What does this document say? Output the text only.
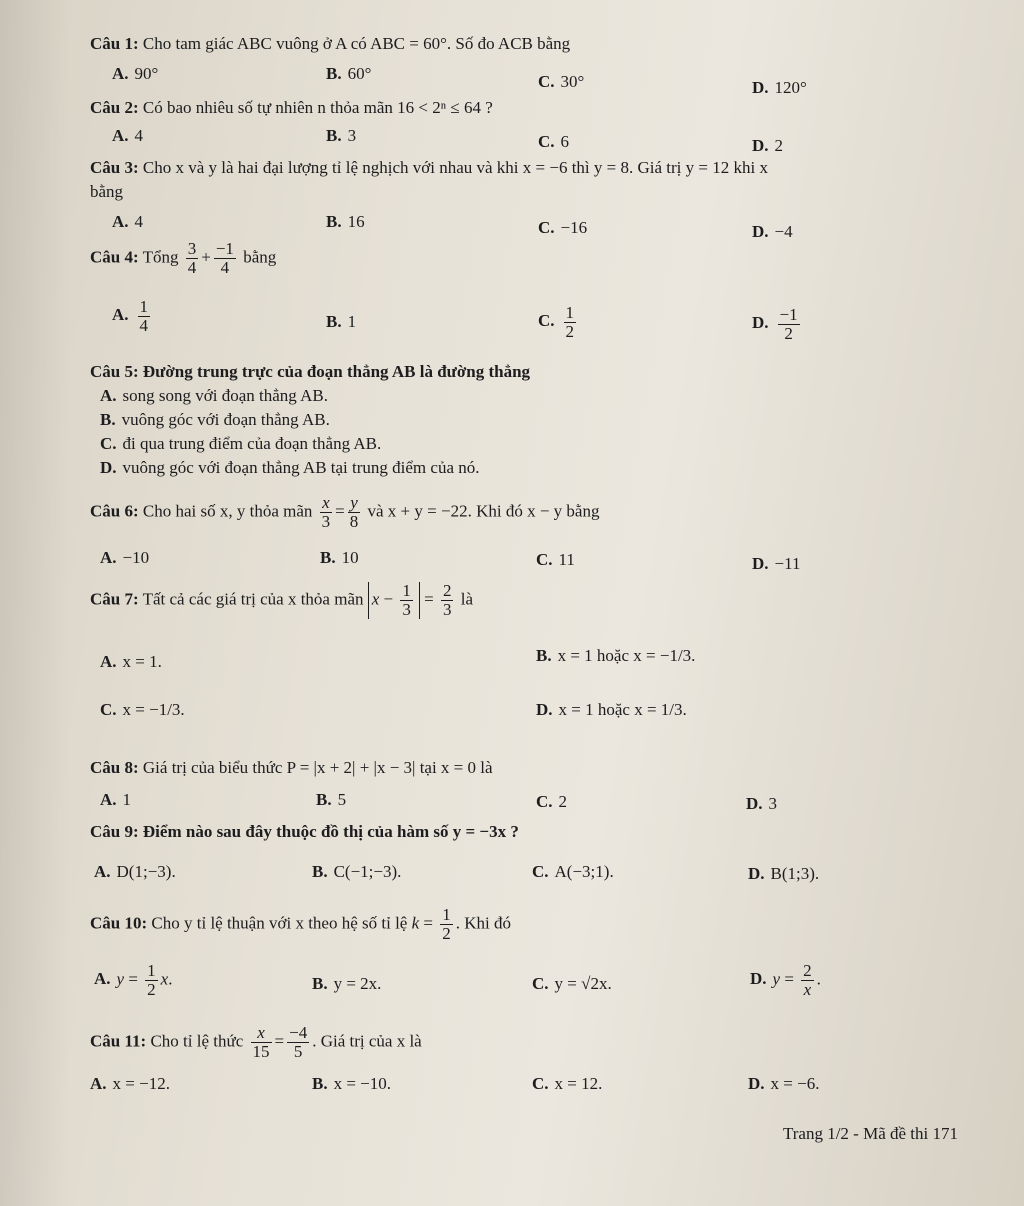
Câu 1: Cho tam giác ABC vuông ở A có ABC = 60°. Số đo ACB bằng
A. 90°	B. 60°	C. 30°	D. 120°
Câu 2: Có bao nhiêu số tự nhiên n thỏa mãn 16 < 2ⁿ ≤ 64 ?
A. 4	B. 3	C. 6	D. 2
Câu 3: Cho x và y là hai đại lượng tỉ lệ nghịch với nhau và khi x = −6 thì y = 8. Giá trị y = 12 khi x
bằng
A. 4	B. 16	C. −16	D. −4
Câu 4: Tổng $\frac{3}{4} + \frac{-1}{4}$ bằng
A. $\frac{1}{4}$	B. 1	C. $\frac{1}{2}$	D. $\frac{-1}{2}$
Câu 5: Đường trung trực của đoạn thẳng AB là đường thẳng
A. song song với đoạn thẳng AB.
B. vuông góc với đoạn thẳng AB.
C. đi qua trung điểm của đoạn thẳng AB.
D. vuông góc với đoạn thẳng AB tại trung điểm của nó.
Câu 6: Cho hai số x, y thỏa mãn $\frac{x}{3} = \frac{y}{8}$ và x + y = −22. Khi đó x − y bằng
A. −10	B. 10	C. 11	D. −11
Câu 7: Tất cả các giá trị của x thỏa mãn $x - \frac{1}{3} = \frac{2}{3}$ là
A. x = 1.	B. x = 1 hoặc x = −1/3.
C. x = −1/3.	D. x = 1 hoặc x = 1/3.
Câu 8: Giá trị của biểu thức P = |x + 2| + |x − 3| tại x = 0 là
A. 1	B. 5	C. 2	D. 3
Câu 9: Điểm nào sau đây thuộc đồ thị của hàm số y = −3x ?
A. D(1;−3).	B. C(−1;−3).	C. A(−3;1).	D. B(1;3).
Câu 10: Cho y tỉ lệ thuận với x theo hệ số tỉ lệ $k = \frac{1}{2}$ . Khi đó
A. $y = \frac{1}{2} x$.	B. y = 2x.	C. y = √2x.	D. $y = \frac{2}{x}$ .
Câu 11: Cho tỉ lệ thức $\frac{x}{15} = \frac{-4}{5}$ . Giá trị của x là
A. x = −12.	B. x = −10.	C. x = 12.	D. x = −6.
Trang 1/2 - Mã đề thi 171
